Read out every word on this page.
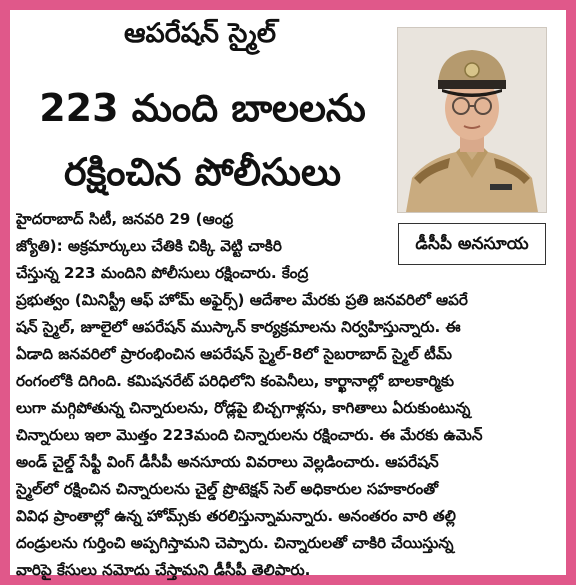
ఆపరేషన్ స్మైల్
223 మంది బాలలను
రక్షించిన పోలీసులు
డీసీపీ అనసూయ
హైదరాబాద్ సిటీ, జనవరి 29 (ఆంధ్ర
జ్యోతి): అక్రమార్కులు చేతికి చిక్కి వెట్టి చాకిరి
చేస్తున్న 223 మందిని పోలీసులు రక్షించారు. కేంద్ర
ప్రభుత్వం (మినిస్ట్రీ ఆఫ్ హోమ్ అఫైర్స్) ఆదేశాల మేరకు ప్రతి జనవరిలో ఆపరే
షన్ స్మైల్, జూలైలో ఆపరేషన్ ముస్కాన్ కార్యక్రమాలను నిర్వహిస్తున్నారు. ఈ
ఏడాది జనవరిలో ప్రారంభించిన ఆపరేషన్ స్మైల్-8లో సైబరాబాద్ స్మైల్ టీమ్
రంగంలోకి దిగింది. కమిషనరేట్ పరిధిలోని కంపెనీలు, కార్ఖానాల్లో బాలకార్మికు
లుగా మగ్గిపోతున్న చిన్నారులను, రోడ్లపై బిచ్చగాళ్లను, కాగితాలు ఏరుకుంటున్న
చిన్నారులు ఇలా మొత్తం 223మంది చిన్నారులను రక్షించారు. ఈ మేరకు ఉమెన్
అండ్ చైల్డ్ సేఫ్టీ వింగ్ డీసీపీ అనసూయ వివరాలు వెల్లడించారు. ఆపరేషన్
స్మైల్‌లో రక్షించిన చిన్నారులను చైల్డ్ ప్రొటెక్షన్ సెల్ అధికారుల సహకారంతో
వివిధ ప్రాంతాల్లో ఉన్న హోమ్స్‌కు తరలిస్తున్నామన్నారు. అనంతరం వారి తల్లి
దండ్రులను గుర్తించి అప్పగిస్తామని చెప్పారు. చిన్నారులతో చాకిరి చేయిస్తున్న
వారిపై కేసులు నమోదు చేస్తామని డీసీపీ తెలిపారు.
